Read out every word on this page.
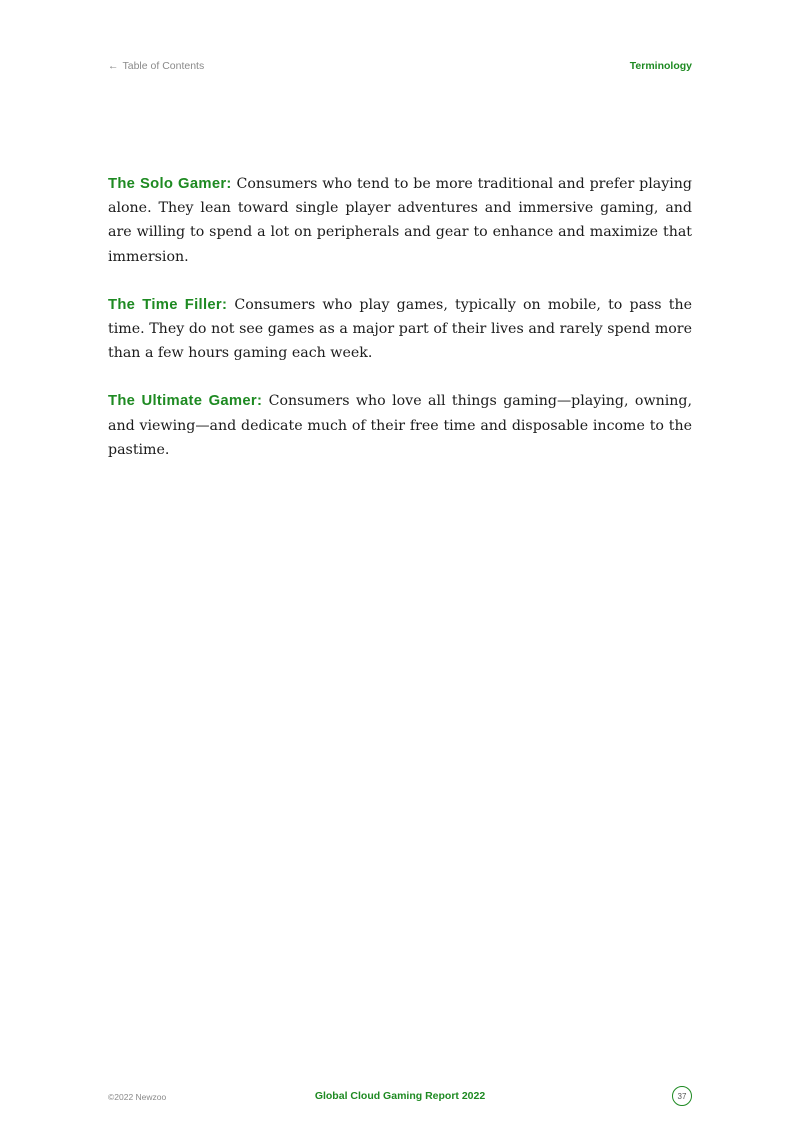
← Table of Contents	Terminology

The Solo Gamer: Consumers who tend to be more traditional and prefer playing alone. They lean toward single player adventures and immersive gaming, and are willing to spend a lot on peripherals and gear to enhance and maximize that immersion.

The Time Filler: Consumers who play games, typically on mobile, to pass the time. They do not see games as a major part of their lives and rarely spend more than a few hours gaming each week.

The Ultimate Gamer: Consumers who love all things gaming—playing, owning, and viewing—and dedicate much of their free time and disposable income to the pastime.

©2022 Newzoo	Global Cloud Gaming Report 2022	37
